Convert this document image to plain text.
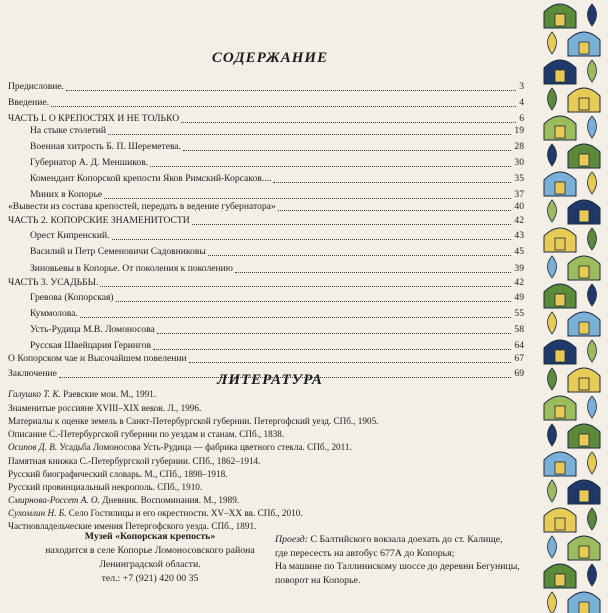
СОДЕРЖАНИЕ
Предисловие.	3
Введение.	4
ЧАСТЬ I. О КРЕПОСТЯХ И НЕ ТОЛЬКО	6
На стыке столетий	19
Военная хитрость Б. П. Шереметева.	28
Губернатор А. Д. Меншиков.	30
Комендант Копорской крепости Яков Римский-Корсаков....	35
Миних в Копорье	37
«Вывести из состава крепостей, передать в ведение губернатора»	40
ЧАСТЬ 2. КОПОРСКИЕ ЗНАМЕНИТОСТИ	42
Орест Кипренский.	43
Василий и Петр Семеновичи Садовниковы	45
Зиновьевы в Копорье. От поколения к поколению	39
ЧАСТЬ 3. УСАДЬБЫ.	42
Гревова (Копорская)	49
Куммолова.	55
Усть-Рудица М.В. Ломоносова	58
Русская Швейцария Герингов	64
О Копорском чае и Высочайшем повелении	67
Заключение	69
ЛИТЕРАТУРА
Галушко Т. К. Раевские мои. М., 1991.
Знаменитые россияне XVIII–XIX веков. Л., 1996.
Материалы к оценке земель в Санкт-Петербургской губернии. Петергофский уезд. СПб., 1905.
Описание С.-Петербургской губернии по уездам и станам. СПб., 1838.
Осипов Д. В. Усадьба Ломоносова Усть-Рудица — фабрика цветного стекла. СПб., 2011.
Памятная книжка С.-Петербургской губернии. СПб., 1862–1914.
Русский биографический словарь. М., СПб., 1898–1918.
Русский провинциальный некрополь. СПб., 1910.
Смирнова-Россет А. О. Дневник. Воспоминания. М., 1989.
Сухомлин Н. Б. Село Гостилицы и его окрестности. XV–XX вв. СПб., 2010.
Частновладельческие имения Петергофского уезда. СПб., 1891.
Музей «Копорская крепость»
находится в селе Копорье Ломоносовского района
Ленинградской области.
тел.: +7 (921) 420 00 35
Проезд: С Балтийского вокзала доехать до ст. Калище,
где пересесть на автобус 677А до Копорья;
На машине по Таллинискому шоссе до деревни Бегуницы,
поворот на Копорье.
